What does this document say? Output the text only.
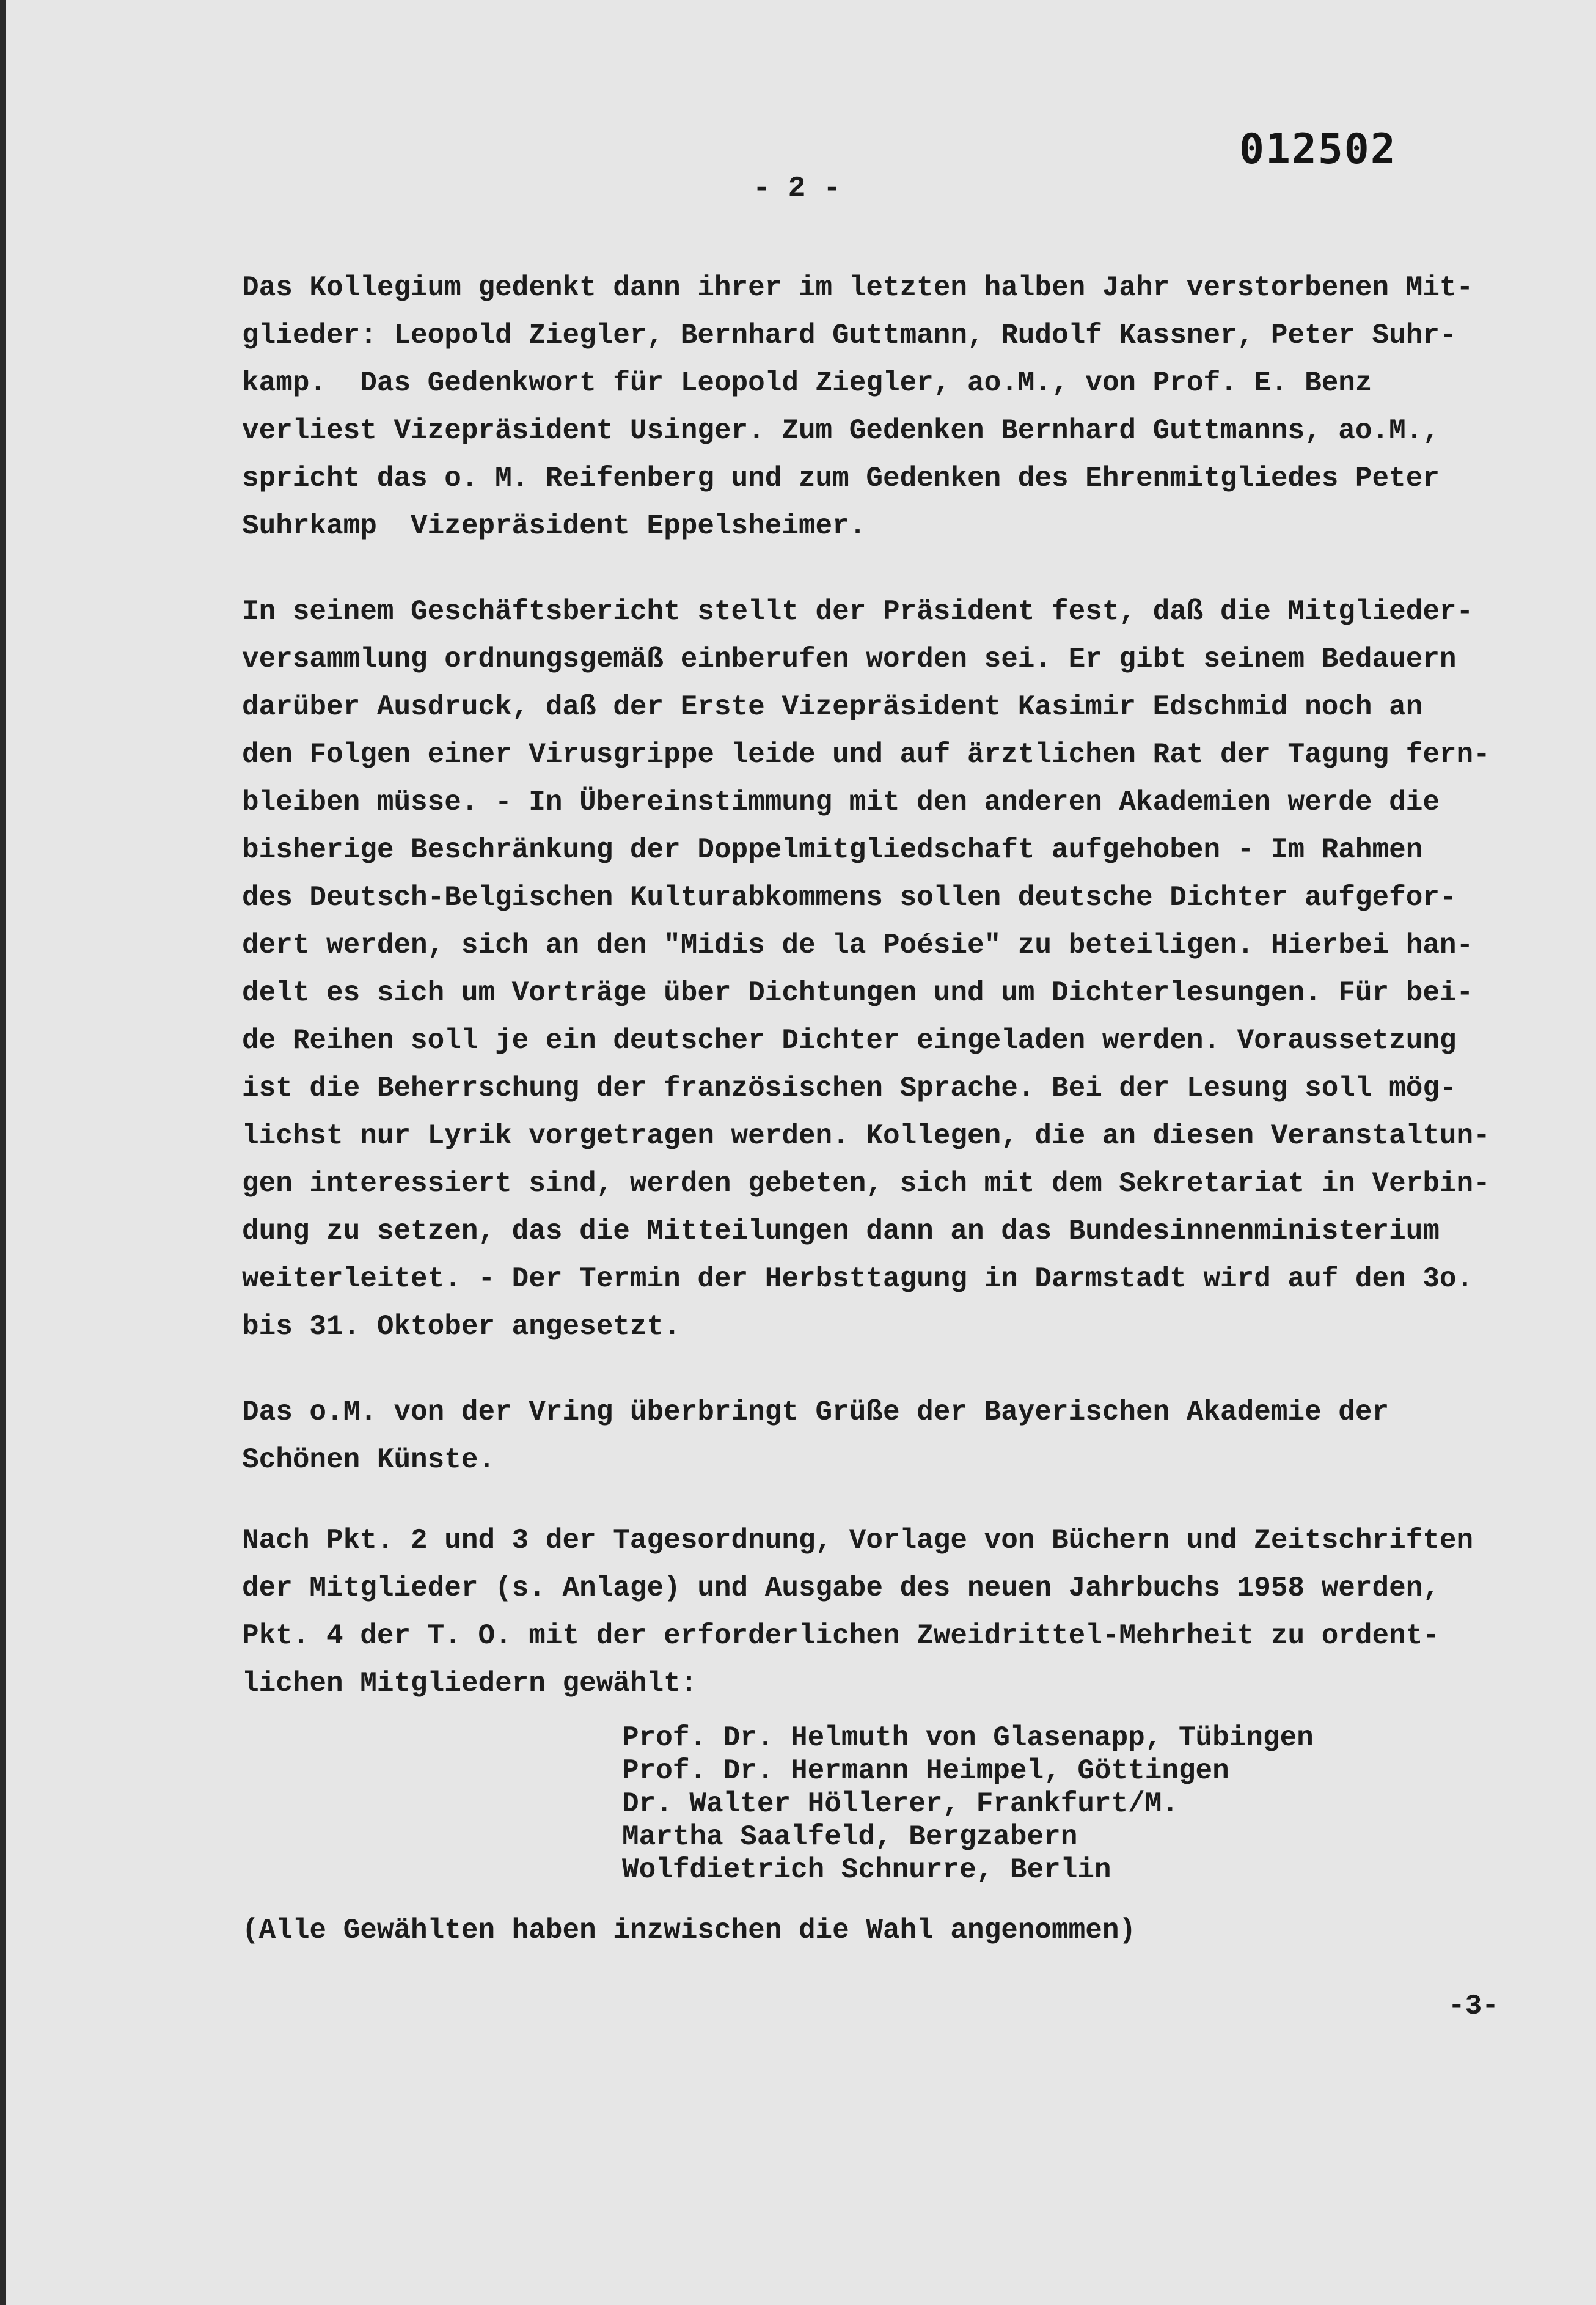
012502
- 2 -
Das Kollegium gedenkt dann ihrer im letzten halben Jahr verstorbenen Mit-
glieder: Leopold Ziegler, Bernhard Guttmann, Rudolf Kassner, Peter Suhr-
kamp.  Das Gedenkwort für Leopold Ziegler, ao.M., von Prof. E. Benz
verliest Vizepräsident Usinger. Zum Gedenken Bernhard Guttmanns, ao.M.,
spricht das o. M. Reifenberg und zum Gedenken des Ehrenmitgliedes Peter
Suhrkamp  Vizepräsident Eppelsheimer.
In seinem Geschäftsbericht stellt der Präsident fest, daß die Mitglieder-
versammlung ordnungsgemäß einberufen worden sei. Er gibt seinem Bedauern
darüber Ausdruck, daß der Erste Vizepräsident Kasimir Edschmid noch an
den Folgen einer Virusgrippe leide und auf ärztlichen Rat der Tagung fern-
bleiben müsse. - In Übereinstimmung mit den anderen Akademien werde die
bisherige Beschränkung der Doppelmitgliedschaft aufgehoben - Im Rahmen
des Deutsch-Belgischen Kulturabkommens sollen deutsche Dichter aufgefor-
dert werden, sich an den "Midis de la Poésie" zu beteiligen. Hierbei han-
delt es sich um Vorträge über Dichtungen und um Dichterlesungen. Für bei-
de Reihen soll je ein deutscher Dichter eingeladen werden. Voraussetzung
ist die Beherrschung der französischen Sprache. Bei der Lesung soll mög-
lichst nur Lyrik vorgetragen werden. Kollegen, die an diesen Veranstaltun-
gen interessiert sind, werden gebeten, sich mit dem Sekretariat in Verbin-
dung zu setzen, das die Mitteilungen dann an das Bundesinnenministerium
weiterleitet. - Der Termin der Herbsttagung in Darmstadt wird auf den 3o.
bis 31. Oktober angesetzt.
Das o.M. von der Vring überbringt Grüße der Bayerischen Akademie der
Schönen Künste.
Nach Pkt. 2 und 3 der Tagesordnung, Vorlage von Büchern und Zeitschriften
der Mitglieder (s. Anlage) und Ausgabe des neuen Jahrbuchs 1958 werden,
Pkt. 4 der T. O. mit der erforderlichen Zweidrittel-Mehrheit zu ordent-
lichen Mitgliedern gewählt:
Prof. Dr. Helmuth von Glasenapp, Tübingen
Prof. Dr. Hermann Heimpel, Göttingen
Dr. Walter Höllerer, Frankfurt/M.
Martha Saalfeld, Bergzabern
Wolfdietrich Schnurre, Berlin
(Alle Gewählten haben inzwischen die Wahl angenommen)
-3-
